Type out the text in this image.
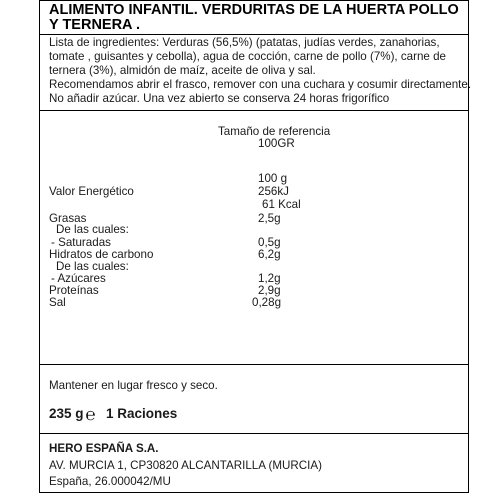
ALIMENTO INFANTIL. VERDURITAS DE LA HUERTA POLLO
Y TERNERA .
Lista de ingredientes: Verduras (56,5%) (patatas, judías verdes, zanahorias,
tomate , guisantes y cebolla), agua de cocción, carne de pollo (7%), carne de
ternera (3%), almidón de maíz, aceite de oliva y sal.
Recomendamos abrir el frasco, remover con una cuchara y cosumir directamente.
No añadir azúcar. Una vez abierto se conserva 24 horas frigorífico
Tamaño de referencia
100GR
100 g
Valor Energético	256kJ
61 Kcal
Grasas	2,5g
De las cuales:
- Saturadas	0,5g
Hidratos de carbono	6,2g
De las cuales:
- Azúcares	1,2g
Proteínas	2,9g
Sal	0,28g
Mantener en lugar fresco y seco.
235 g ℮ 1 Raciones
HERO ESPAÑA S.A.
AV. MURCIA 1, CP30820 ALCANTARILLA (MURCIA)
España, 26.000042/MU
